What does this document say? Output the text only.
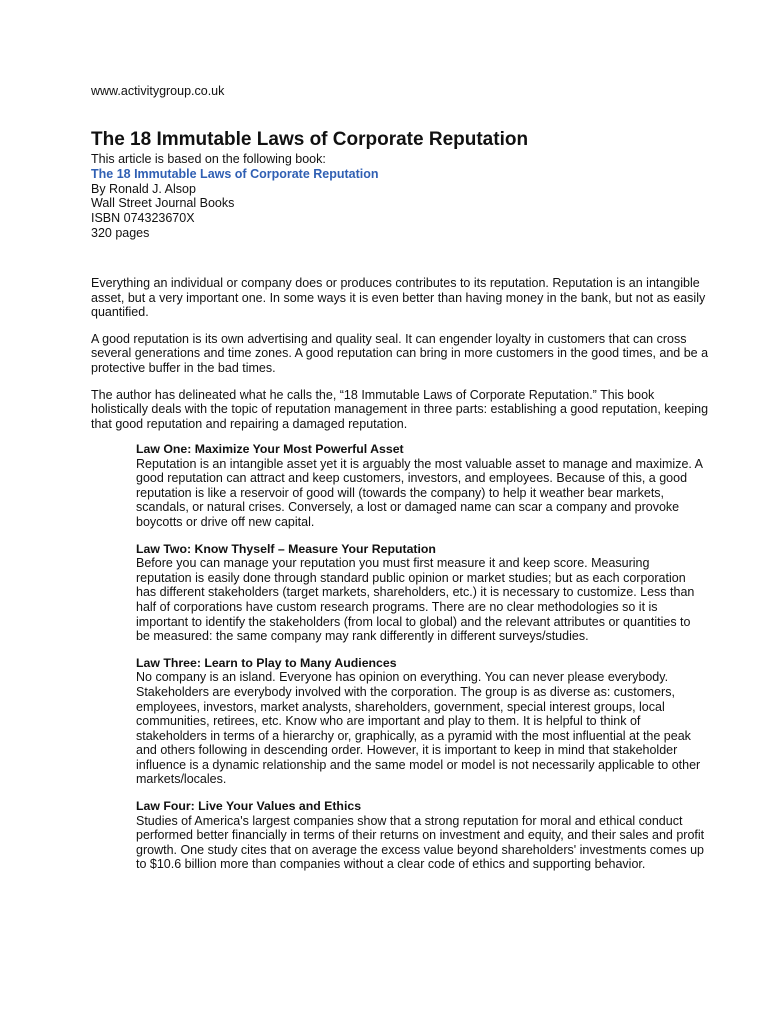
www.activitygroup.co.uk
The 18 Immutable Laws of Corporate Reputation
This article is based on the following book:
The 18 Immutable Laws of Corporate Reputation
By Ronald J. Alsop
Wall Street Journal Books
ISBN 074323670X
320 pages

Everything an individual or company does or produces contributes to its reputation. Reputation is an intangible asset, but a very important one. In some ways it is even better than having money in the bank, but not as easily quantified.

A good reputation is its own advertising and quality seal. It can engender loyalty in customers that can cross several generations and time zones. A good reputation can bring in more customers in the good times, and be a protective buffer in the bad times.

The author has delineated what he calls the, “18 Immutable Laws of Corporate Reputation.” This book holistically deals with the topic of reputation management in three parts: establishing a good reputation, keeping that good reputation and repairing a damaged reputation.

Law One: Maximize Your Most Powerful Asset

Reputation is an intangible asset yet it is arguably the most valuable asset to manage and maximize. A good reputation can attract and keep customers, investors, and employees. Because of this, a good reputation is like a reservoir of good will (towards the company) to help it weather bear markets, scandals, or natural crises. Conversely, a lost or damaged name can scar a company and provoke boycotts or drive off new capital.

Law Two: Know Thyself – Measure Your Reputation

Before you can manage your reputation you must first measure it and keep score. Measuring reputation is easily done through standard public opinion or market studies; but as each corporation has different stakeholders (target markets, shareholders, etc.) it is necessary to customize. Less than half of corporations have custom research programs. There are no clear methodologies so it is important to identify the stakeholders (from local to global) and the relevant attributes or quantities to be measured: the same company may rank differently in different surveys/studies.

Law Three: Learn to Play to Many Audiences

No company is an island. Everyone has opinion on everything. You can never please everybody. Stakeholders are everybody involved with the corporation. The group is as diverse as: customers, employees, investors, market analysts, shareholders, government, special interest groups, local communities, retirees, etc. Know who are important and play to them. It is helpful to think of stakeholders in terms of a hierarchy or, graphically, as a pyramid with the most influential at the peak and others following in descending order. However, it is important to keep in mind that stakeholder influence is a dynamic relationship and the same model or model is not necessarily applicable to other markets/locales.

Law Four: Live Your Values and Ethics

Studies of America's largest companies show that a strong reputation for moral and ethical conduct performed better financially in terms of their returns on investment and equity, and their sales and profit growth. One study cites that on average the excess value beyond shareholders' investments comes up to $10.6 billion more than companies without a clear code of ethics and supporting behavior.
